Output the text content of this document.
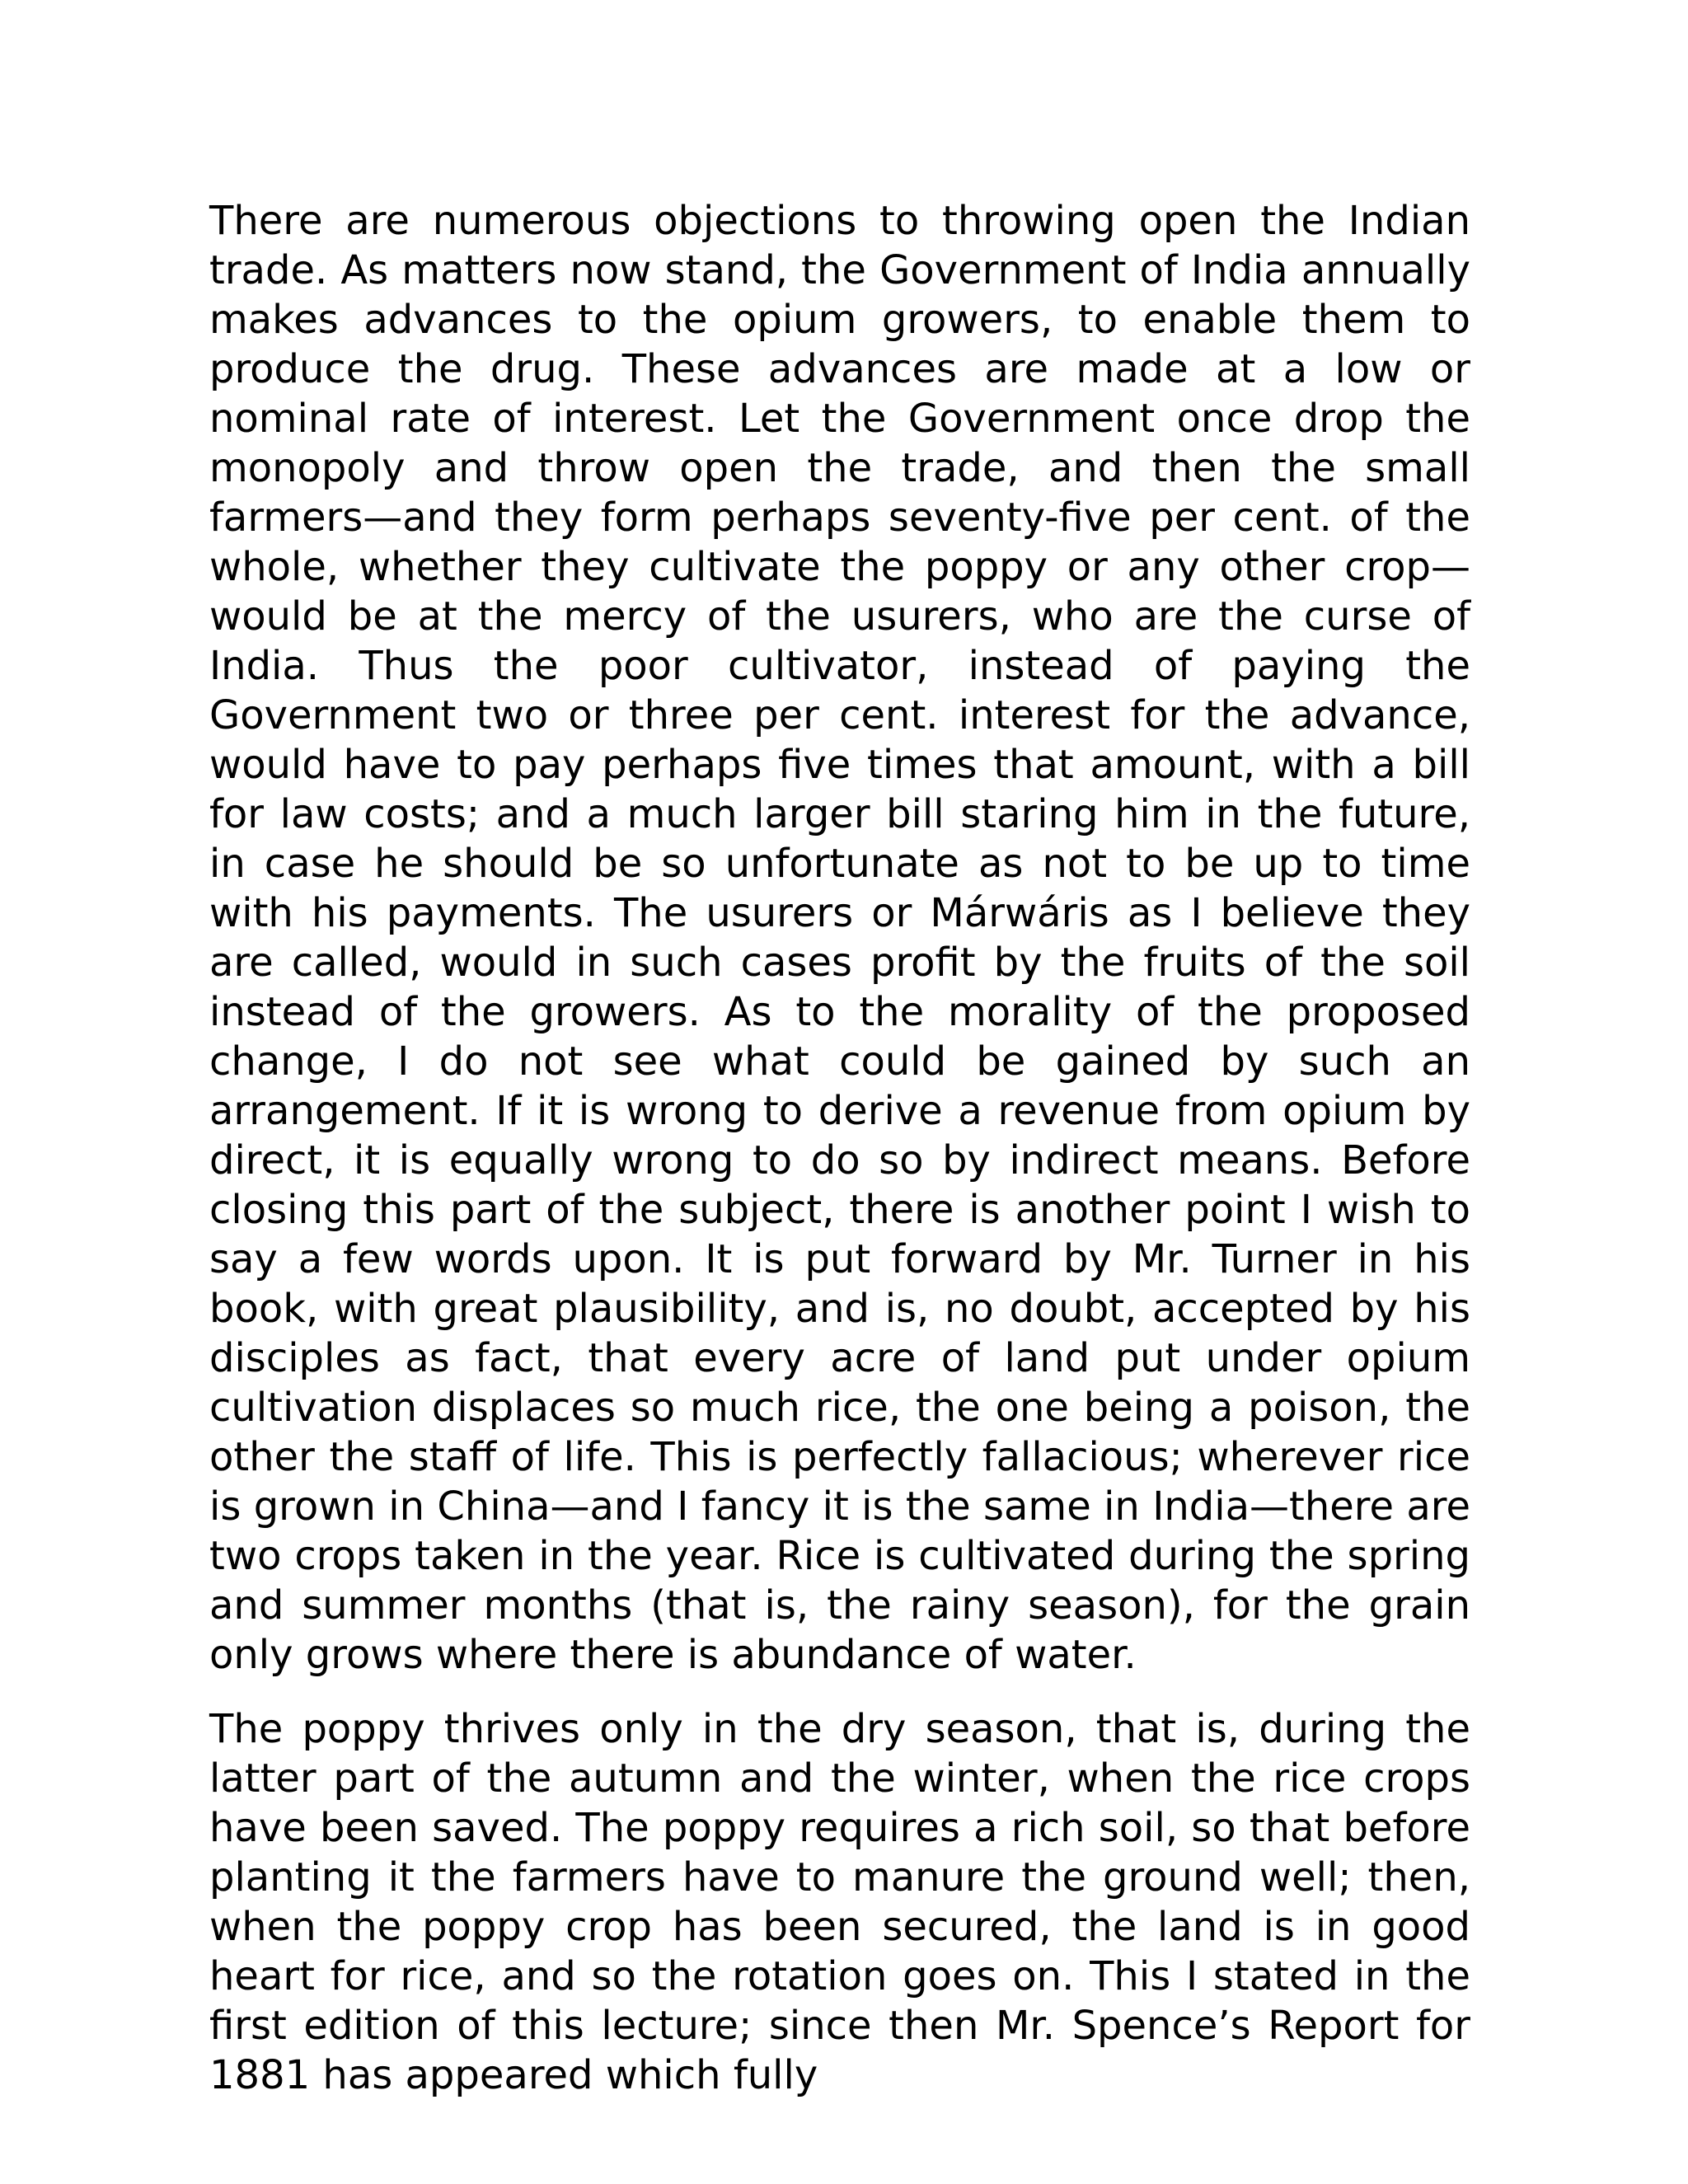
There are numerous objections to throwing open the Indian trade. As matters now stand, the Government of India annually makes advances to the opium growers, to enable them to produce the drug. These advances are made at a low or nominal rate of interest. Let the Government once drop the monopoly and throw open the trade, and then the small farmers—and they form perhaps seventy-five per cent. of the whole, whether they cultivate the poppy or any other crop—would be at the mercy of the usurers, who are the curse of India. Thus the poor cultivator, instead of paying the Government two or three per cent. interest for the advance, would have to pay perhaps five times that amount, with a bill for law costs; and a much larger bill staring him in the future, in case he should be so unfortunate as not to be up to time with his payments. The usurers or Márwáris as I believe they are called, would in such cases profit by the fruits of the soil instead of the growers. As to the morality of the proposed change, I do not see what could be gained by such an arrangement. If it is wrong to derive a revenue from opium by direct, it is equally wrong to do so by indirect means. Before closing this part of the subject, there is another point I wish to say a few words upon. It is put forward by Mr. Turner in his book, with great plausibility, and is, no doubt, accepted by his disciples as fact, that every acre of land put under opium cultivation displaces so much rice, the one being a poison, the other the staff of life. This is perfectly fallacious; wherever rice is grown in China—and I fancy it is the same in India—there are two crops taken in the year. Rice is cultivated during the spring and summer months (that is, the rainy season), for the grain only grows where there is abundance of water.

The poppy thrives only in the dry season, that is, during the latter part of the autumn and the winter, when the rice crops have been saved. The poppy requires a rich soil, so that before planting it the farmers have to manure the ground well; then, when the poppy crop has been secured, the land is in good heart for rice, and so the rotation goes on. This I stated in the first edition of this lecture; since then Mr. Spence’s Report for 1881 has appeared which fully
